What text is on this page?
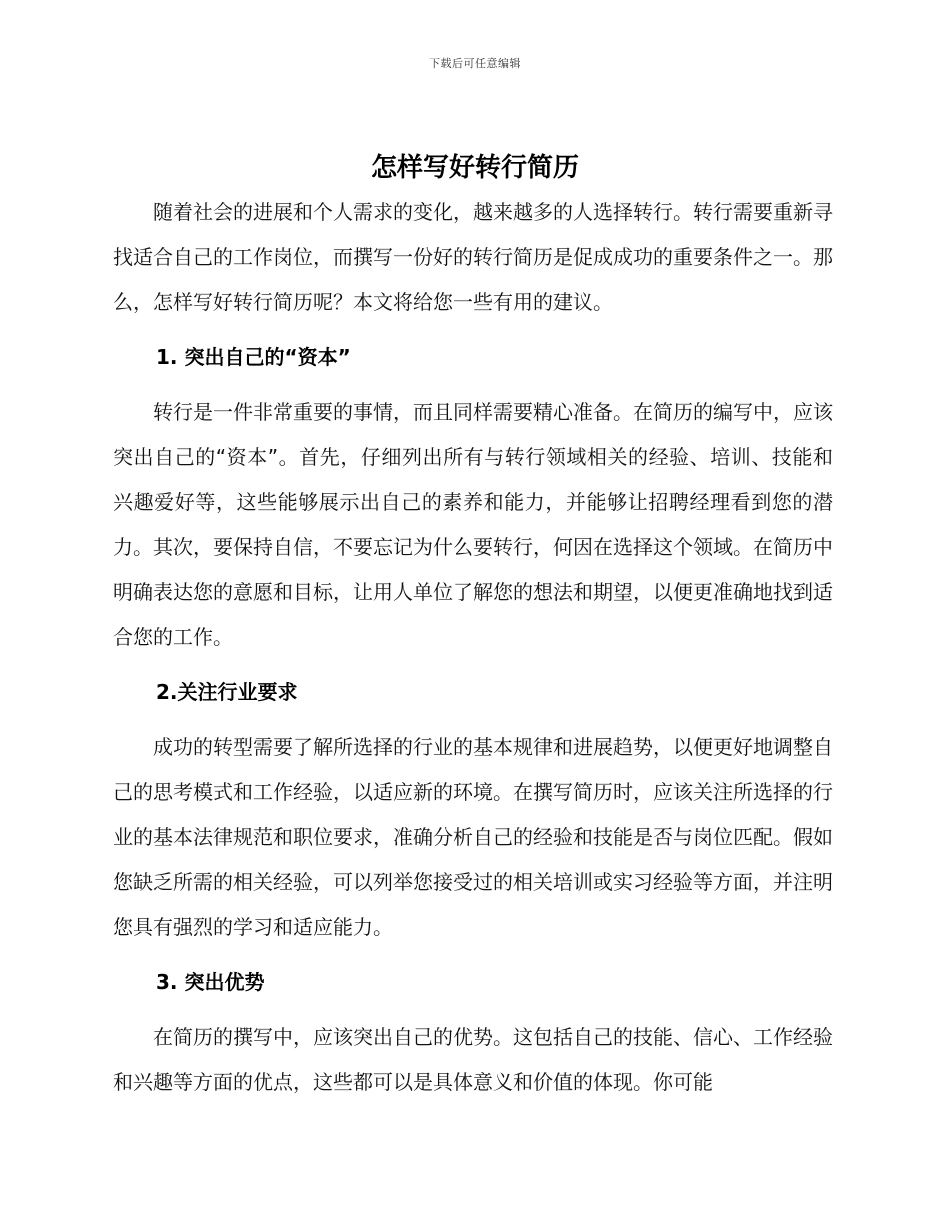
下载后可任意编辑
怎样写好转行简历

随着社会的进展和个人需求的变化，越来越多的人选择转行。转行需要重新寻找适合自己的工作岗位，而撰写一份好的转行简历是促成成功的重要条件之一。那么，怎样写好转行简历呢？本文将给您一些有用的建议。

1. 突出自己的“资本”

转行是一件非常重要的事情，而且同样需要精心准备。在简历的编写中，应该突出自己的“资本”。首先，仔细列出所有与转行领域相关的经验、培训、技能和兴趣爱好等，这些能够展示出自己的素养和能力，并能够让招聘经理看到您的潜力。其次，要保持自信，不要忘记为什么要转行，何因在选择这个领域。在简历中明确表达您的意愿和目标，让用人单位了解您的想法和期望，以便更准确地找到适合您的工作。

2.关注行业要求

成功的转型需要了解所选择的行业的基本规律和进展趋势，以便更好地调整自己的思考模式和工作经验，以适应新的环境。在撰写简历时，应该关注所选择的行业的基本法律规范和职位要求，准确分析自己的经验和技能是否与岗位匹配。假如您缺乏所需的相关经验，可以列举您接受过的相关培训或实习经验等方面，并注明您具有强烈的学习和适应能力。

3. 突出优势

在简历的撰写中，应该突出自己的优势。这包括自己的技能、信心、工作经验和兴趣等方面的优点，这些都可以是具体意义和价值的体现。你可能
